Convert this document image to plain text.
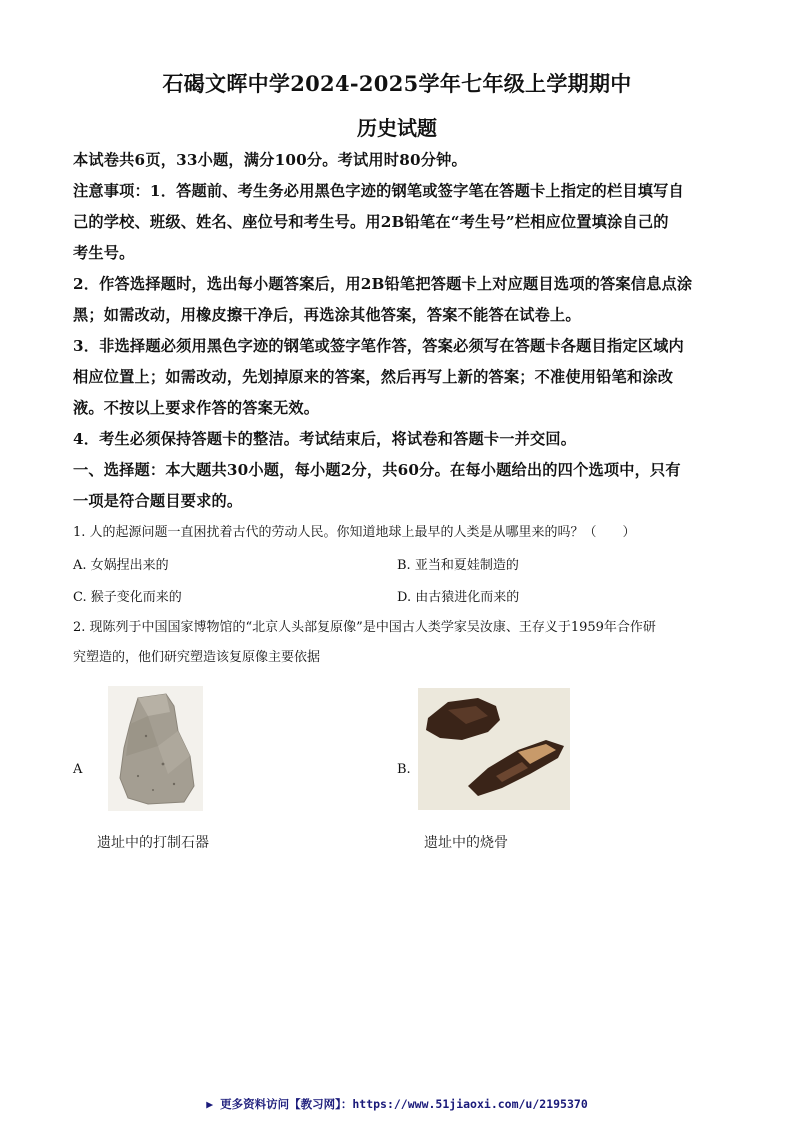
石碣文晖中学2024-2025学年七年级上学期期中
历史试题
本试卷共6页，33小题，满分100分。考试用时80分钟。
注意事项：1．答题前、考生务必用黑色字迹的钢笔或签字笔在答题卡上指定的栏目填写自
己的学校、班级、姓名、座位号和考生号。用2B铅笔在“考生号”栏相应位置填涂自己的
考生号。
2．作答选择题时，选出每小题答案后，用2B铅笔把答题卡上对应题目选项的答案信息点涂
黑；如需改动，用橡皮擦干净后，再选涂其他答案，答案不能答在试卷上。
3．非选择题必须用黑色字迹的钢笔或签字笔作答，答案必须写在答题卡各题目指定区域内
相应位置上；如需改动，先划掉原来的答案，然后再写上新的答案；不准使用铅笔和涂改
液。不按以上要求作答的答案无效。
4．考生必须保持答题卡的整洁。考试结束后，将试卷和答题卡一并交回。
一、选择题：本大题共30小题，每小题2分，共60分。在每小题给出的四个选项中，只有
一项是符合题目要求的。
1. 人的起源问题一直困扰着古代的劳动人民。你知道地球上最早的人类是从哪里来的吗？（　　）
A. 女娲捏出来的	B. 亚当和夏娃制造的
C. 猴子变化而来的	D. 由古猿进化而来的
2. 现陈列于中国国家博物馆的“北京人头部复原像”是中国古人类学家吴汝康、王存义于1959年合作研
究塑造的，他们研究塑造该复原像主要依据
A	B.
遗址中的打制石器	遗址中的烧骨
▶ 更多资料访问【教习网】：https://www.51jiaoxi.com/u/2195370
